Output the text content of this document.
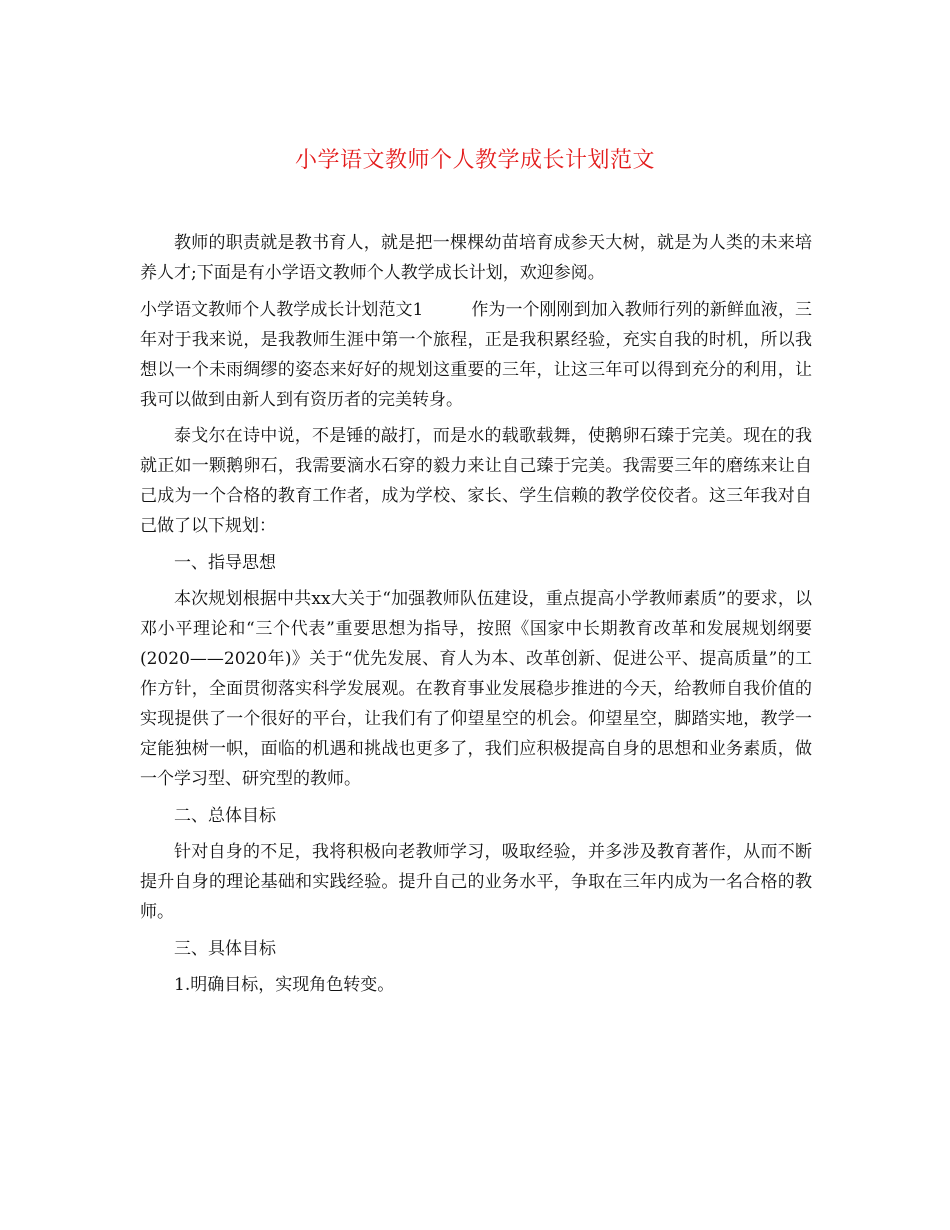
小学语文教师个人教学成长计划范文

教师的职责就是教书育人，就是把一棵棵幼苗培育成参天大树，就是为人类的未来培养人才;下面是有小学语文教师个人教学成长计划，欢迎参阅。

小学语文教师个人教学成长计划范文1	作为一个刚刚到加入教师行列的新鲜血液，三年对于我来说，是我教师生涯中第一个旅程，正是我积累经验，充实自我的时机，所以我想以一个未雨绸缪的姿态来好好的规划这重要的三年，让这三年可以得到充分的利用，让我可以做到由新人到有资历者的完美转身。

泰戈尔在诗中说，不是锤的敲打，而是水的载歌载舞，使鹅卵石臻于完美。现在的我就正如一颗鹅卵石，我需要滴水石穿的毅力来让自己臻于完美。我需要三年的磨练来让自己成为一个合格的教育工作者，成为学校、家长、学生信赖的教学佼佼者。这三年我对自己做了以下规划：

一、指导思想

本次规划根据中共xx大关于“加强教师队伍建设，重点提高小学教师素质”的要求，以邓小平理论和“三个代表”重要思想为指导，按照《国家中长期教育改革和发展规划纲要(2020——2020年)》关于“优先发展、育人为本、改革创新、促进公平、提高质量”的工作方针，全面贯彻落实科学发展观。在教育事业发展稳步推进的今天，给教师自我价值的实现提供了一个很好的平台，让我们有了仰望星空的机会。仰望星空，脚踏实地，教学一定能独树一帜，面临的机遇和挑战也更多了，我们应积极提高自身的思想和业务素质，做一个学习型、研究型的教师。

二、总体目标

针对自身的不足，我将积极向老教师学习，吸取经验，并多涉及教育著作，从而不断提升自身的理论基础和实践经验。提升自己的业务水平，争取在三年内成为一名合格的教师。

三、具体目标

1.明确目标，实现角色转变。
